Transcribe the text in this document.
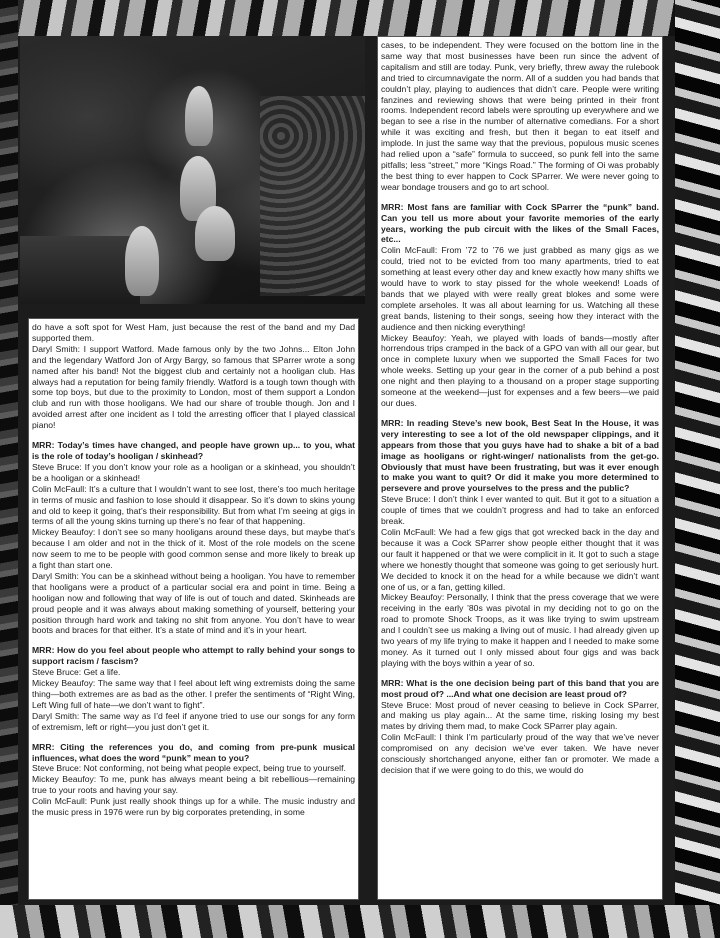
do have a soft spot for West Ham, just because the rest of the band and my Dad supported them.

Daryl Smith: I support Watford. Made famous only by the two Johns... Elton John and the legendary Watford Jon of Argy Bargy, so famous that SParrer wrote a song named after his band! Not the biggest club and certainly not a hooligan club. Has always had a reputation for being family friendly. Watford is a tough town though with some top boys, but due to the proximity to London, most of them support a London club and run with those hooligans. We had our share of trouble though. Jon and I avoided arrest after one incident as I told the arresting officer that I played classical piano!

MRR: Today’s times have changed, and people have grown up... to you, what is the role of today’s hooligan / skinhead?

Steve Bruce: If you don’t know your role as a hooligan or a skinhead, you shouldn’t be a hooligan or a skinhead!

Colin McFaull: It’s a culture that I wouldn’t want to see lost, there’s too much heritage in terms of music and fashion to lose should it disappear. So it’s down to skins young and old to keep it going, that’s their responsibility. But from what I’m seeing at gigs in terms of all the young skins turning up there’s no fear of that happening.

Mickey Beaufoy: I don’t see so many hooligans around these days, but maybe that’s because I am older and not in the thick of it. Most of the role models on the scene now seem to me to be people with good common sense and more likely to break up a fight than start one.

Daryl Smith: You can be a skinhead without being a hooligan. You have to remember that hooligans were a product of a particular social era and point in time. Being a hooligan now and following that way of life is out of touch and dated. Skinheads are proud people and it was always about making something of yourself, bettering your position through hard work and taking no shit from anyone. You don’t have to wear boots and braces for that either. It’s a state of mind and it’s in your heart.

MRR: How do you feel about people who attempt to rally behind your songs to support racism / fascism?

Steve Bruce: Get a life.

Mickey Beaufoy: The same way that I feel about left wing extremists doing the same thing—both extremes are as bad as the other. I prefer the sentiments of “Right Wing, Left Wing full of hate—we don’t want to fight”.

Daryl Smith: The same way as I’d feel if anyone tried to use our songs for any form of extremism, left or right—you just don’t get it.

MRR: Citing the references you do, and coming from pre-punk musical influences, what does the word “punk” mean to you?

Steve Bruce: Not conforming, not being what people expect, being true to yourself.

Mickey Beaufoy: To me, punk has always meant being a bit rebellious—remaining true to your roots and having your say.

Colin McFaull: Punk just really shook things up for a while. The music industry and the music press in 1976 were run by big corporates pretending, in some

cases, to be independent. They were focused on the bottom line in the same way that most businesses have been run since the advent of capitalism and still are today. Punk, very briefly, threw away the rulebook and tried to circumnavigate the norm. All of a sudden you had bands that couldn’t play, playing to audiences that didn’t care. People were writing fanzines and reviewing shows that were being printed in their front rooms. Independent record labels were sprouting up everywhere and we began to see a rise in the number of alternative comedians. For a short while it was exciting and fresh, but then it began to eat itself and implode. In just the same way that the previous, populous music scenes had relied upon a “safe” formula to succeed, so punk fell into the same pitfalls; less “street,” more “Kings Road.” The forming of Oi was probably the best thing to ever happen to Cock SParrer. We were never going to wear bondage trousers and go to art school.

MRR: Most fans are familiar with Cock SParrer the “punk” band. Can you tell us more about your favorite memories of the early years, working the pub circuit with the likes of the Small Faces, etc...

Colin McFaull: From ’72 to ’76 we just grabbed as many gigs as we could, tried not to be evicted from too many apartments, tried to eat something at least every other day and knew exactly how many shifts we would have to work to stay pissed for the whole weekend! Loads of bands that we played with were really great blokes and some were complete arseholes. It was all about learning for us. Watching all these great bands, listening to their songs, seeing how they interact with the audience and then nicking everything!

Mickey Beaufoy: Yeah, we played with loads of bands—mostly after horrendous trips cramped in the back of a GPO van with all our gear, but once in complete luxury when we supported the Small Faces for two whole weeks. Setting up your gear in the corner of a pub behind a post one night and then playing to a thousand on a proper stage supporting someone at the weekend—just for expenses and a few beers—we paid our dues.

MRR: In reading Steve’s new book, Best Seat In the House, it was very interesting to see a lot of the old newspaper clippings, and it appears from those that you guys have had to shake a bit of a bad image as hooligans or right-winger/ nationalists from the get-go. Obviously that must have been frustrating, but was it ever enough to make you want to quit? Or did it make you more determined to persevere and prove yourselves to the press and the public?

Steve Bruce: I don’t think I ever wanted to quit. But it got to a situation a couple of times that we couldn’t progress and had to take an enforced break.

Colin McFaull: We had a few gigs that got wrecked back in the day and because it was a Cock SParrer show people either thought that it was our fault it happened or that we were complicit in it. It got to such a stage where we honestly thought that someone was going to get seriously hurt. We decided to knock it on the head for a while because we didn’t want one of us, or a fan, getting killed.

Mickey Beaufoy: Personally, I think that the press coverage that we were receiving in the early ’80s was pivotal in my deciding not to go on the road to promote Shock Troops, as it was like trying to swim upstream and I couldn’t see us making a living out of music. I had already given up two years of my life trying to make it happen and I needed to make some money. As it turned out I only missed about four gigs and was back playing with the boys within a year of so.

MRR: What is the one decision being part of this band that you are most proud of? ...And what one decision are least proud of?

Steve Bruce: Most proud of never ceasing to believe in Cock SParrer, and making us play again... At the same time, risking losing my best mates by driving them mad, to make Cock SParrer play again.

Colin McFaull: I think I’m particularly proud of the way that we’ve never compromised on any decision we’ve ever taken. We have never consciously shortchanged anyone, either fan or promoter. We made a decision that if we were going to do this, we would do
